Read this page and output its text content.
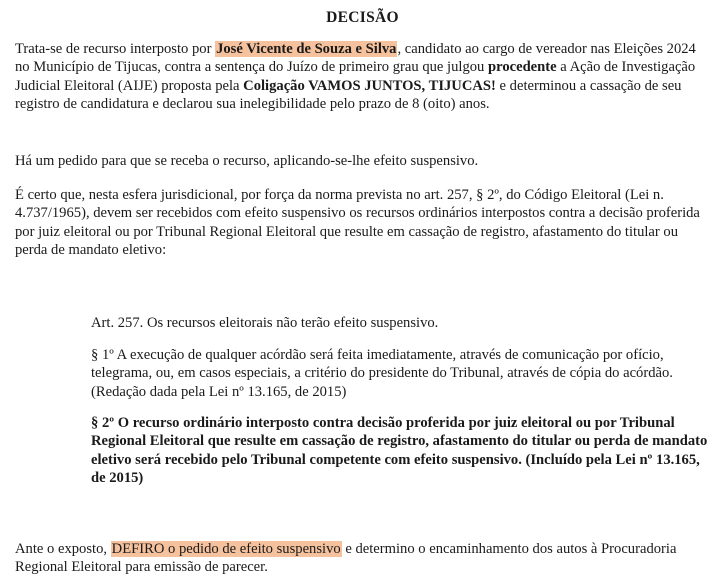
DECISÃO

Trata-se de recurso interposto por José Vicente de Souza e Silva, candidato ao cargo de vereador nas Eleições 2024 no Município de Tijucas, contra a sentença do Juízo de primeiro grau que julgou procedente a Ação de Investigação Judicial Eleitoral (AIJE) proposta pela Coligação VAMOS JUNTOS, TIJUCAS! e determinou a cassação de seu registro de candidatura e declarou sua inelegibilidade pelo prazo de 8 (oito) anos.

Há um pedido para que se receba o recurso, aplicando-se-lhe efeito suspensivo.

É certo que, nesta esfera jurisdicional, por força da norma prevista no art. 257, § 2º, do Código Eleitoral (Lei n. 4.737/1965), devem ser recebidos com efeito suspensivo os recursos ordinários interpostos contra a decisão proferida por juiz eleitoral ou por Tribunal Regional Eleitoral que resulte em cassação de registro, afastamento do titular ou perda de mandato eletivo:

Art. 257. Os recursos eleitorais não terão efeito suspensivo.

§ 1º A execução de qualquer acórdão será feita imediatamente, através de comunicação por ofício, telegrama, ou, em casos especiais, a critério do presidente do Tribunal, através de cópia do acórdão. (Redação dada pela Lei nº 13.165, de 2015)

§ 2º O recurso ordinário interposto contra decisão proferida por juiz eleitoral ou por Tribunal Regional Eleitoral que resulte em cassação de registro, afastamento do titular ou perda de mandato eletivo será recebido pelo Tribunal competente com efeito suspensivo. (Incluído pela Lei nº 13.165, de 2015)

Ante o exposto, DEFIRO o pedido de efeito suspensivo e determino o encaminhamento dos autos à Procuradoria Regional Eleitoral para emissão de parecer.
